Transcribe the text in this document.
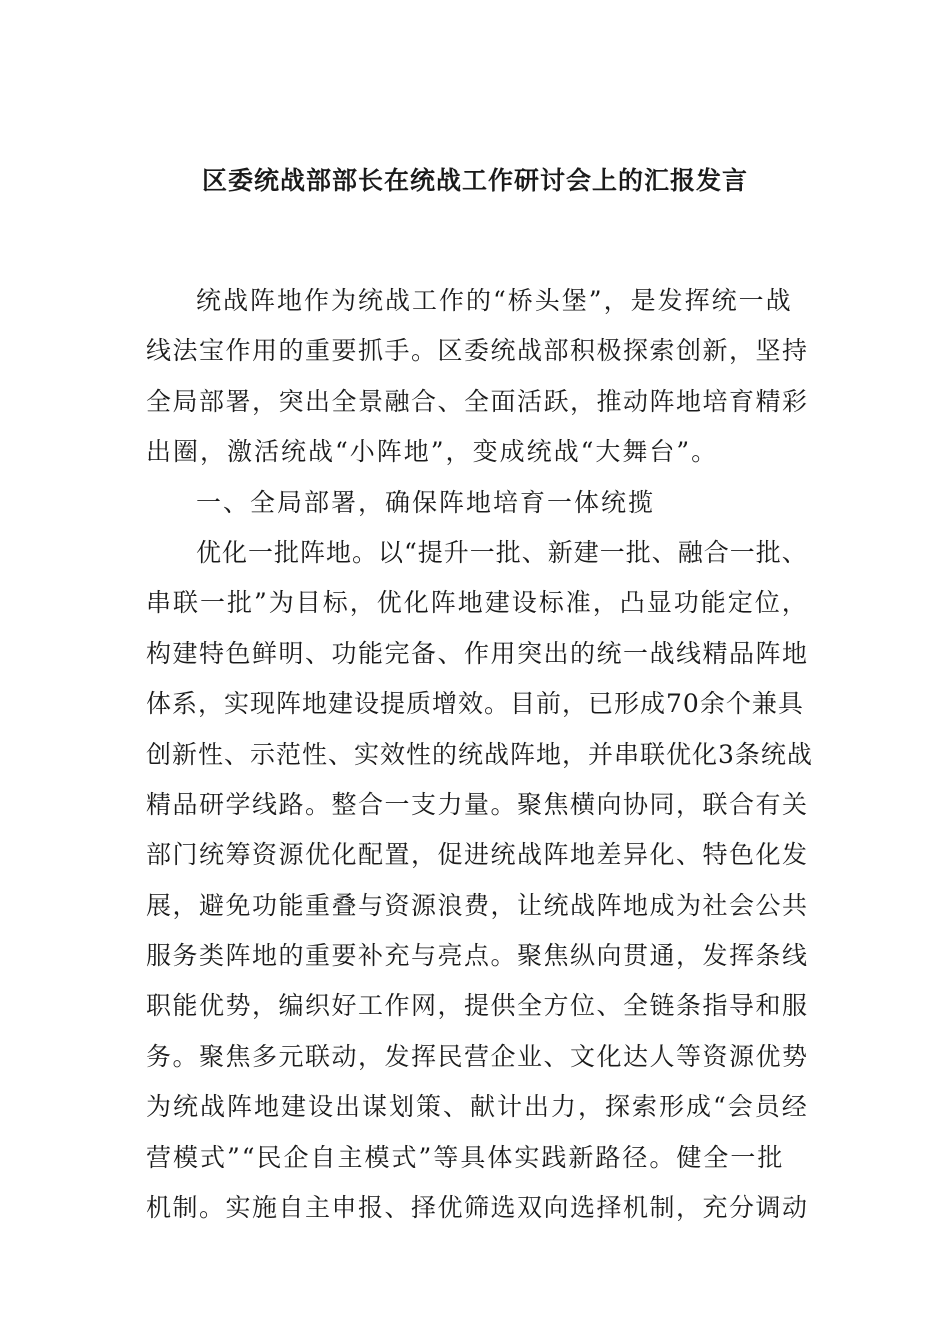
区委统战部部长在统战工作研讨会上的汇报发言
统战阵地作为统战工作的“桥头堡”，是发挥统一战
线法宝作用的重要抓手。区委统战部积极探索创新，坚持
全局部署，突出全景融合、全面活跃，推动阵地培育精彩
出圈，激活统战“小阵地”，变成统战“大舞台”。
一、全局部署，确保阵地培育一体统揽
优化一批阵地。以“提升一批、新建一批、融合一批、
串联一批”为目标，优化阵地建设标准，凸显功能定位，
构建特色鲜明、功能完备、作用突出的统一战线精品阵地
体系，实现阵地建设提质增效。目前，已形成70余个兼具
创新性、示范性、实效性的统战阵地，并串联优化3条统战
精品研学线路。整合一支力量。聚焦横向协同，联合有关
部门统筹资源优化配置，促进统战阵地差异化、特色化发
展，避免功能重叠与资源浪费，让统战阵地成为社会公共
服务类阵地的重要补充与亮点。聚焦纵向贯通，发挥条线
职能优势，编织好工作网，提供全方位、全链条指导和服
务。聚焦多元联动，发挥民营企业、文化达人等资源优势
为统战阵地建设出谋划策、献计出力，探索形成“会员经
营模式”“民企自主模式”等具体实践新路径。健全一批
机制。实施自主申报、择优筛选双向选择机制，充分调动
